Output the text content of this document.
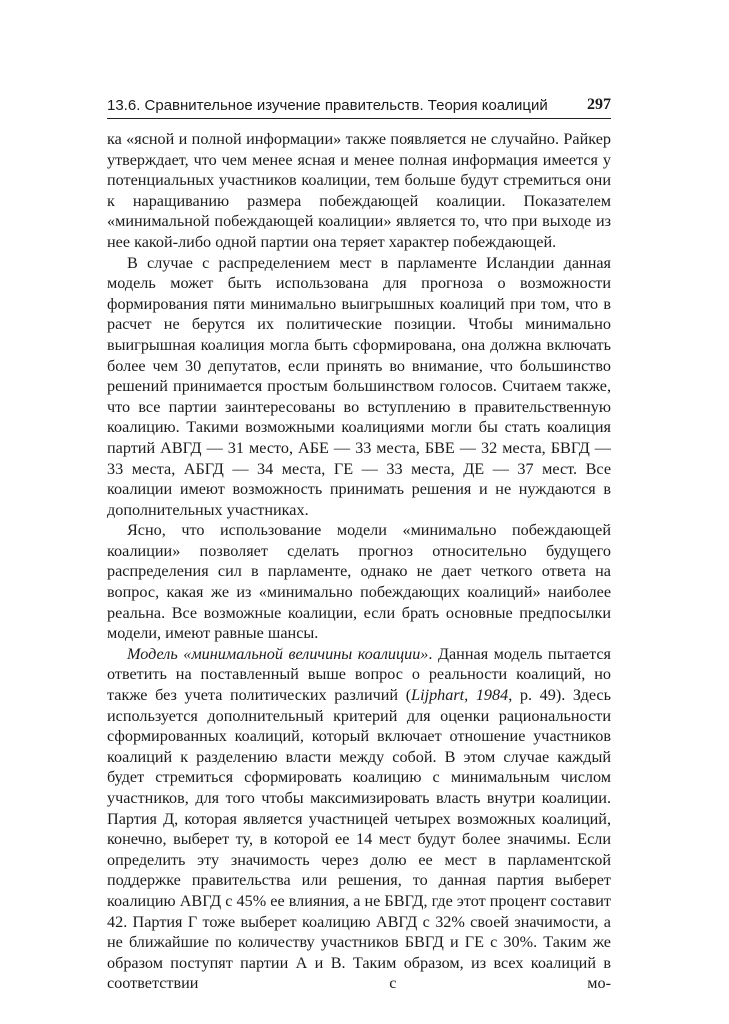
13.6. Сравнительное изучение правительств. Теория коалиций 297

ка «ясной и полной информации» также появляется не случайно. Райкер утверждает, что чем менее ясная и менее полная информация имеется у потенциальных участников коалиции, тем больше будут стремиться они к наращиванию размера побеждающей коалиции. Показателем «минимальной побеждающей коалиции» является то, что при выходе из нее какой-либо одной партии она теряет характер побеждающей.

В случае с распределением мест в парламенте Исландии данная модель может быть использована для прогноза о возможности формирования пяти минимально выигрышных коалиций при том, что в расчет не берутся их политические позиции. Чтобы минимально выигрышная коалиция могла быть сформирована, она должна включать более чем 30 депутатов, если принять во внимание, что большинство решений принимается простым большинством голосов. Считаем также, что все партии заинтересованы во вступлению в правительственную коалицию. Такими возможными коалициями могли бы стать коалиция партий АВГД — 31 место, АБЕ — 33 места, БВЕ — 32 места, БВГД — 33 места, АБГД — 34 места, ГЕ — 33 места, ДЕ — 37 мест. Все коалиции имеют возможность принимать решения и не нуждаются в дополнительных участниках.

Ясно, что использование модели «минимально побеждающей коалиции» позволяет сделать прогноз относительно будущего распределения сил в парламенте, однако не дает четкого ответа на вопрос, какая же из «минимально побеждающих коалиций» наиболее реальна. Все возможные коалиции, если брать основные предпосылки модели, имеют равные шансы.

Модель «минимальной величины коалиции». Данная модель пытается ответить на поставленный выше вопрос о реальности коалиций, но также без учета политических различий (Lijphart, 1984, p. 49). Здесь используется дополнительный критерий для оценки рациональности сформированных коалиций, который включает отношение участников коалиций к разделению власти между собой. В этом случае каждый будет стремиться сформировать коалицию с минимальным числом участников, для того чтобы максимизировать власть внутри коалиции. Партия Д, которая является участницей четырех возможных коалиций, конечно, выберет ту, в которой ее 14 мест будут более значимы. Если определить эту значимость через долю ее мест в парламентской поддержке правительства или решения, то данная партия выберет коалицию АВГД с 45% ее влияния, а не БВГД, где этот процент составит 42. Партия Г тоже выберет коалицию АВГД с 32% своей значимости, а не ближайшие по количеству участников БВГД и ГЕ с 30%. Таким же образом поступят партии А и В. Таким образом, из всех коалиций в соответствии с мо-
